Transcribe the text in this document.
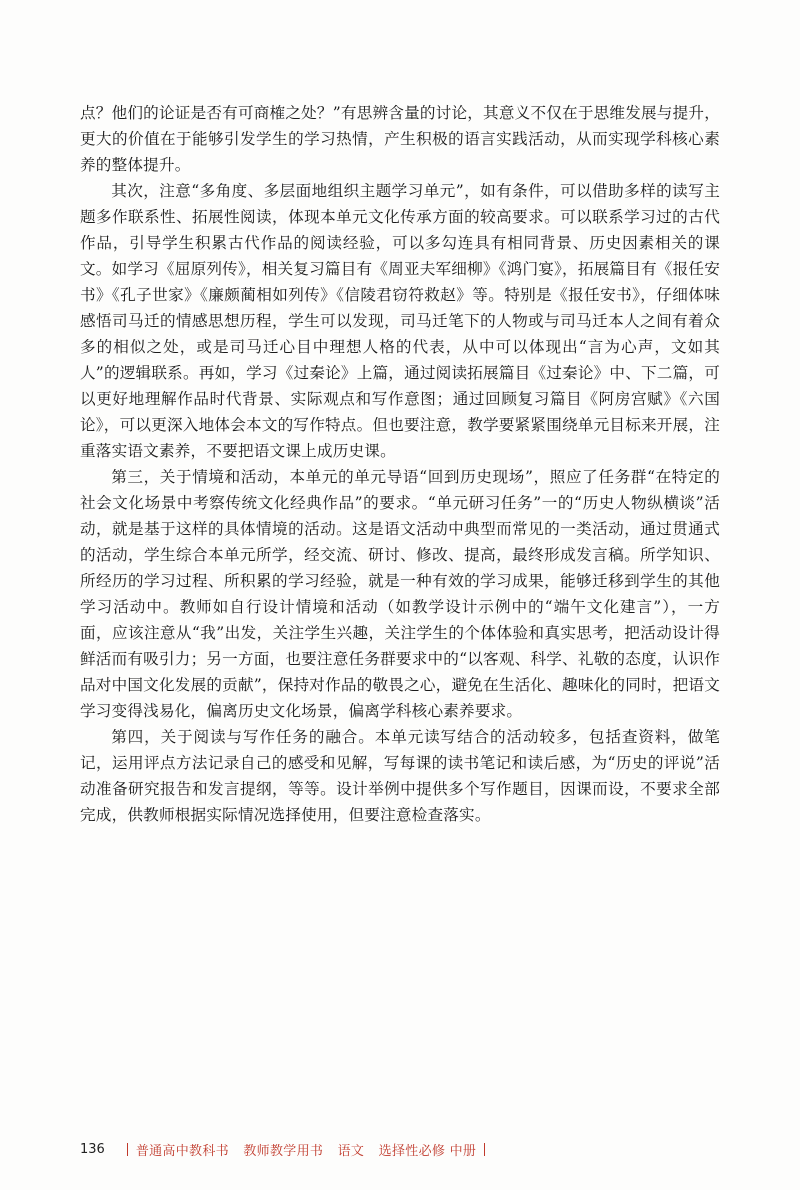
点？他们的论证是否有可商榷之处？”有思辨含量的讨论，其意义不仅在于思维发展与提升，更大的价值在于能够引发学生的学习热情，产生积极的语言实践活动，从而实现学科核心素养的整体提升。

其次，注意“多角度、多层面地组织主题学习单元”，如有条件，可以借助多样的读写主题多作联系性、拓展性阅读，体现本单元文化传承方面的较高要求。可以联系学习过的古代作品，引导学生积累古代作品的阅读经验，可以多勾连具有相同背景、历史因素相关的课文。如学习《屈原列传》，相关复习篇目有《周亚夫军细柳》《鸿门宴》，拓展篇目有《报任安书》《孔子世家》《廉颇蔺相如列传》《信陵君窃符救赵》等。特别是《报任安书》，仔细体味感悟司马迁的情感思想历程，学生可以发现，司马迁笔下的人物或与司马迁本人之间有着众多的相似之处，或是司马迁心目中理想人格的代表，从中可以体现出“言为心声，文如其人”的逻辑联系。再如，学习《过秦论》上篇，通过阅读拓展篇目《过秦论》中、下二篇，可以更好地理解作品时代背景、实际观点和写作意图；通过回顾复习篇目《阿房宫赋》《六国论》，可以更深入地体会本文的写作特点。但也要注意，教学要紧紧围绕单元目标来开展，注重落实语文素养，不要把语文课上成历史课。

第三，关于情境和活动，本单元的单元导语“回到历史现场”，照应了任务群“在特定的社会文化场景中考察传统文化经典作品”的要求。“单元研习任务”一的“历史人物纵横谈”活动，就是基于这样的具体情境的活动。这是语文活动中典型而常见的一类活动，通过贯通式的活动，学生综合本单元所学，经交流、研讨、修改、提高，最终形成发言稿。所学知识、所经历的学习过程、所积累的学习经验，就是一种有效的学习成果，能够迁移到学生的其他学习活动中。教师如自行设计情境和活动（如教学设计示例中的“端午文化建言”），一方面，应该注意从“我”出发，关注学生兴趣，关注学生的个体体验和真实思考，把活动设计得鲜活而有吸引力；另一方面，也要注意任务群要求中的“以客观、科学、礼敬的态度，认识作品对中国文化发展的贡献”，保持对作品的敬畏之心，避免在生活化、趣味化的同时，把语文学习变得浅易化，偏离历史文化场景，偏离学科核心素养要求。

第四，关于阅读与写作任务的融合。本单元读写结合的活动较多，包括查资料，做笔记，运用评点方法记录自己的感受和见解，写每课的读书笔记和读后感，为“历史的评说”活动准备研究报告和发言提纲，等等。设计举例中提供多个写作题目，因课而设，不要求全部完成，供教师根据实际情况选择使用，但要注意检查落实。

136 普通高中教科书 教师教学用书 语文 选择性必修 中册
